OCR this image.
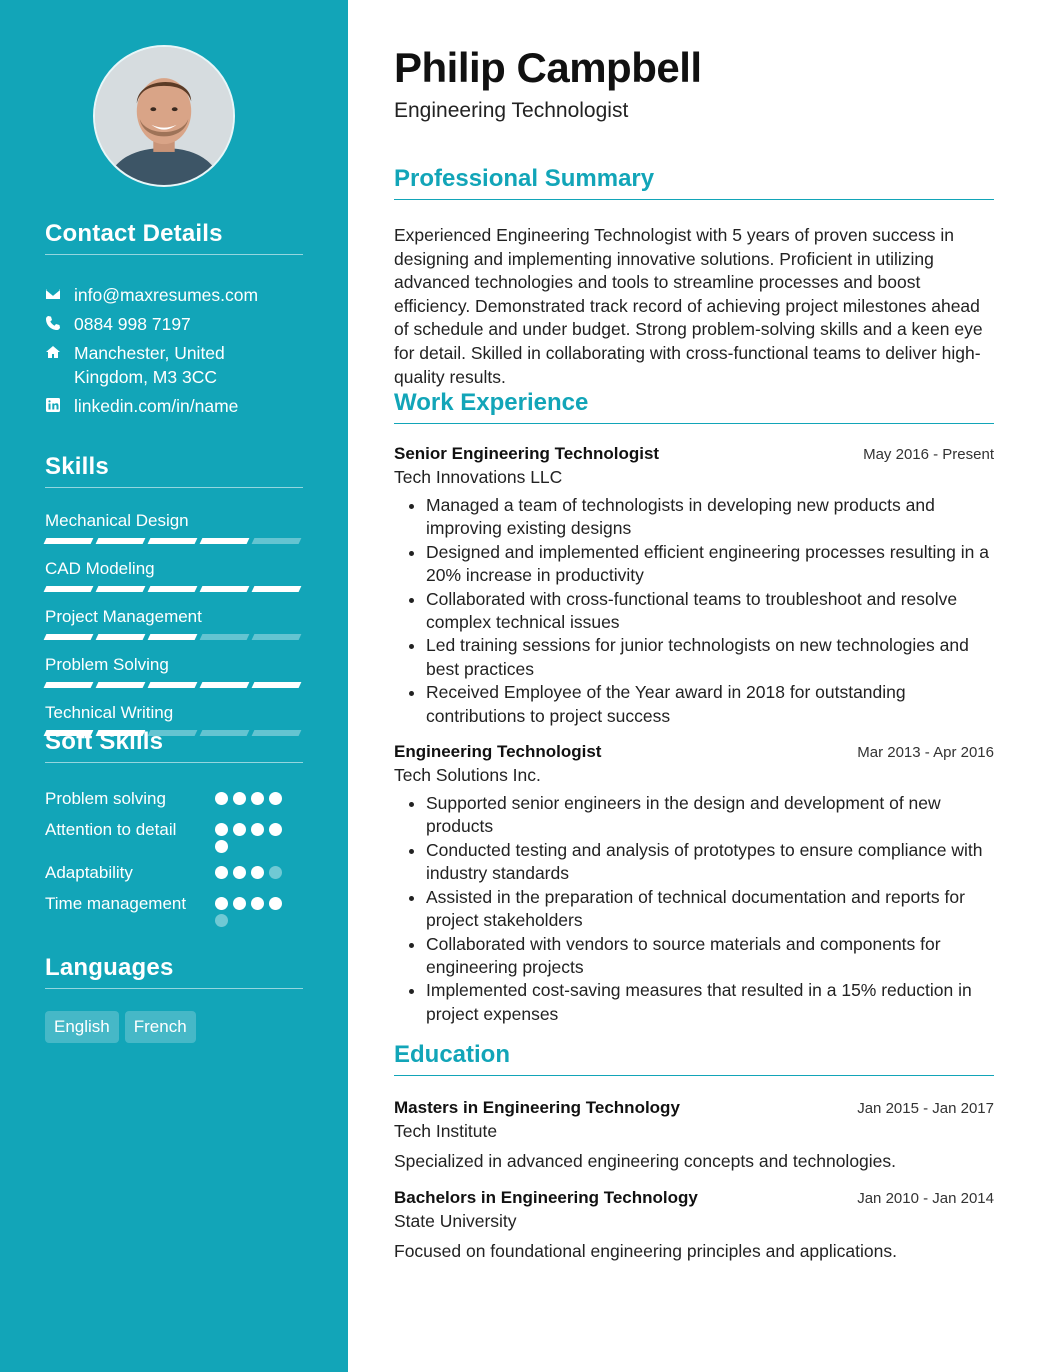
Contact Details
info@maxresumes.com
0884 998 7197
Manchester, United
Kingdom, M3 3CC
linkedin.com/in/name
Skills
Mechanical Design
CAD Modeling
Project Management
Problem Solving
Technical Writing
Soft Skills
Problem solving
Attention to detail
Adaptability
Time management
Languages
English	French
Philip Campbell
Engineering Technologist
Professional Summary

Experienced Engineering Technologist with 5 years of proven success in designing and implementing innovative solutions. Proficient in utilizing advanced technologies and tools to streamline processes and boost efficiency. Demonstrated track record of achieving project milestones ahead of schedule and under budget. Strong problem-solving skills and a keen eye for detail. Skilled in collaborating with cross-functional teams to deliver high-quality results.

Work Experience
Senior Engineering Technologist	May 2016 - Present
Tech Innovations LLC
• Managed a team of technologists in developing new products and improving existing designs
• Designed and implemented efficient engineering processes resulting in a 20% increase in productivity
• Collaborated with cross-functional teams to troubleshoot and resolve complex technical issues
• Led training sessions for junior technologists on new technologies and best practices
• Received Employee of the Year award in 2018 for outstanding contributions to project success
Engineering Technologist	Mar 2013 - Apr 2016
Tech Solutions Inc.
• Supported senior engineers in the design and development of new products
• Conducted testing and analysis of prototypes to ensure compliance with industry standards
• Assisted in the preparation of technical documentation and reports for project stakeholders
• Collaborated with vendors to source materials and components for engineering projects
• Implemented cost-saving measures that resulted in a 15% reduction in project expenses
Education
Masters in Engineering Technology	Jan 2015 - Jan 2017
Tech Institute
Specialized in advanced engineering concepts and technologies.
Bachelors in Engineering Technology	Jan 2010 - Jan 2014
State University
Focused on foundational engineering principles and applications.
